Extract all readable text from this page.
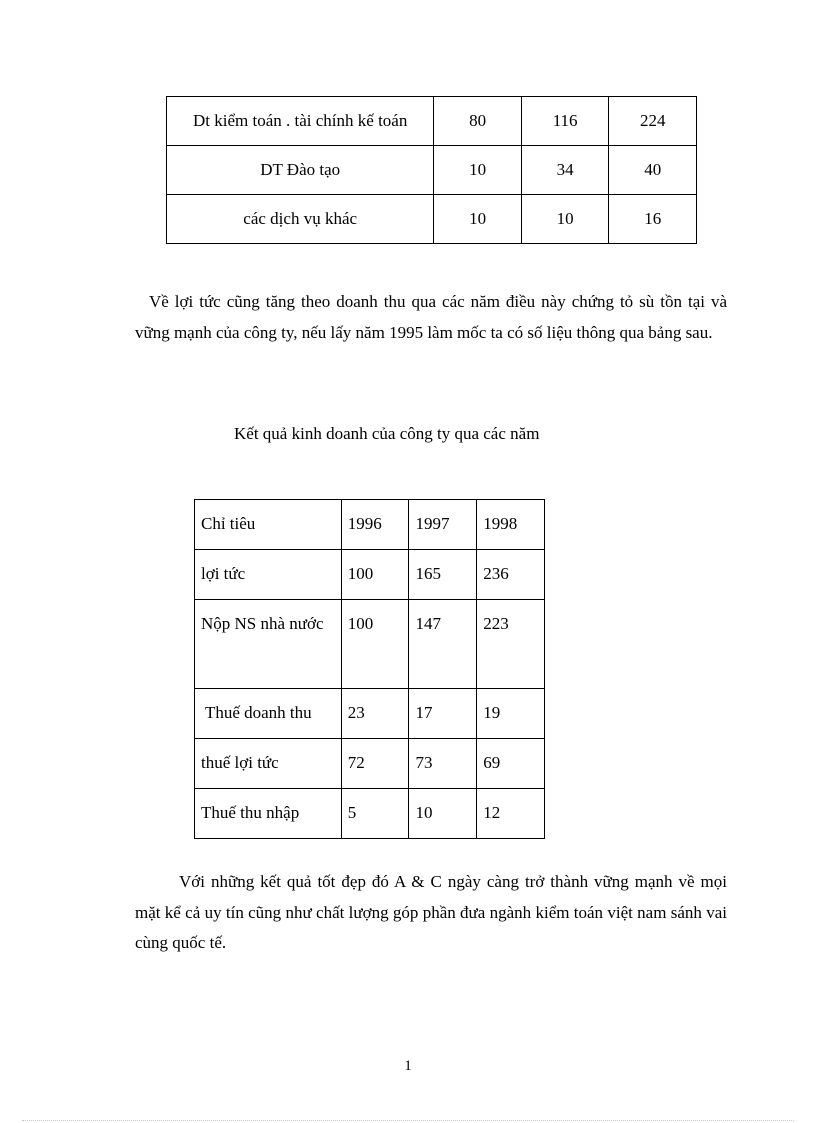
Dt kiểm toán . tài chính kế toán	80	116	224
DT Đào tạo	10	34	40
các dịch vụ khác	10	10	16

Về lợi tức cũng tăng theo doanh thu qua các năm điều này chứng tỏ sù tồn tại và vững mạnh của công ty, nếu lấy năm 1995 làm mốc ta có số liệu thông qua bảng sau.

Kết quả kinh doanh của công ty qua các năm

Chỉ tiêu	1996	1997	1998
lợi tức	100	165	236
Nộp NS nhà nước	100	147	223
Thuế doanh thu	23	17	19
thuế lợi tức	72	73	69
Thuế thu nhập	5	10	12

Với những kết quả tốt đẹp đó A & C ngày càng trở thành vững mạnh về mọi mặt kể cả uy tín cũng như chất lượng góp phần đưa ngành kiểm toán việt nam sánh vai cùng quốc tế.

1
